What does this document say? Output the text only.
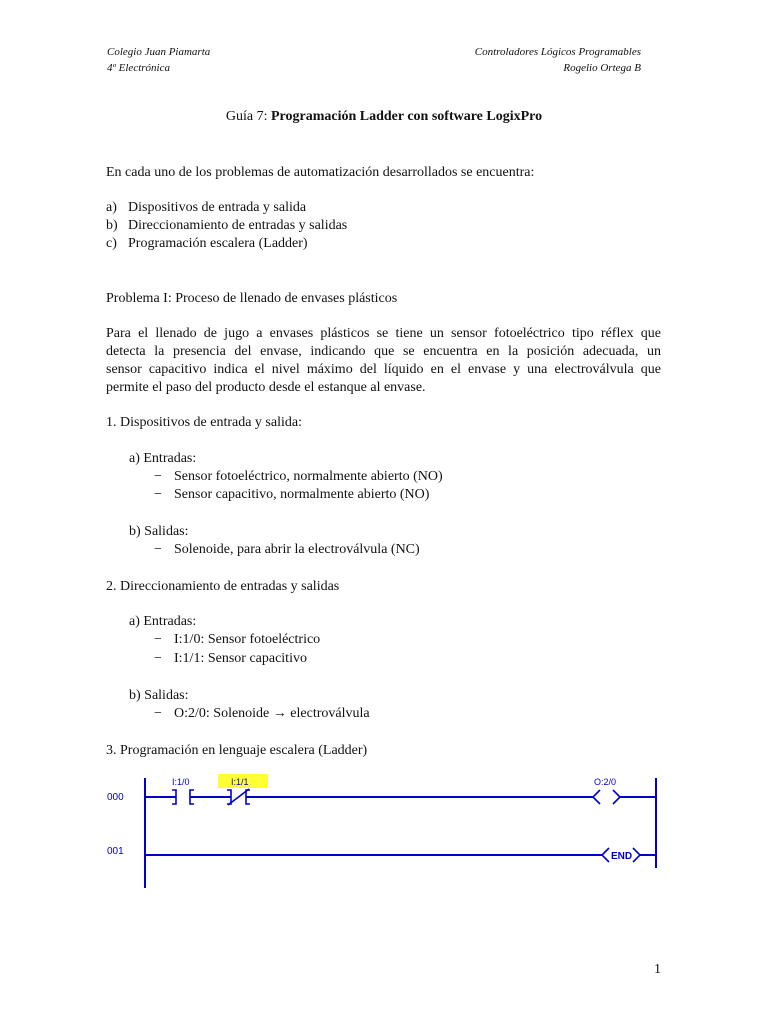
Colegio Juan Piamarta
4º Electrónica
Controladores Lógicos Programables
Rogelio Ortega B
Guía 7: Programación Ladder con software LogixPro
En cada uno de los problemas de automatización desarrollados se encuentra:
a) Dispositivos de entrada y salida
b) Direccionamiento de entradas y salidas
c) Programación escalera (Ladder)
Problema I: Proceso de llenado de envases plásticos
Para el llenado de jugo a envases plásticos se tiene un sensor fotoeléctrico tipo réflex que
detecta la presencia del envase, indicando que se encuentra en la posición adecuada, un
sensor capacitivo indica el nivel máximo del líquido en el envase y una electroválvula que
permite el paso del producto desde el estanque al envase.
1. Dispositivos de entrada y salida:
a) Entradas:
− Sensor fotoeléctrico, normalmente abierto (NO)
− Sensor capacitivo, normalmente abierto (NO)
b) Salidas:
− Solenoide, para abrir la electroválvula (NC)
2. Direccionamiento de entradas y salidas
a) Entradas:
− I:1/0: Sensor fotoeléctrico
− I:1/1: Sensor capacitivo
b) Salidas:
− O:2/0: Solenoide → electroválvula
3. Programación en lenguaje escalera (Ladder)
000
001
I:1/0	I:1/1	O:2/0
END
1
